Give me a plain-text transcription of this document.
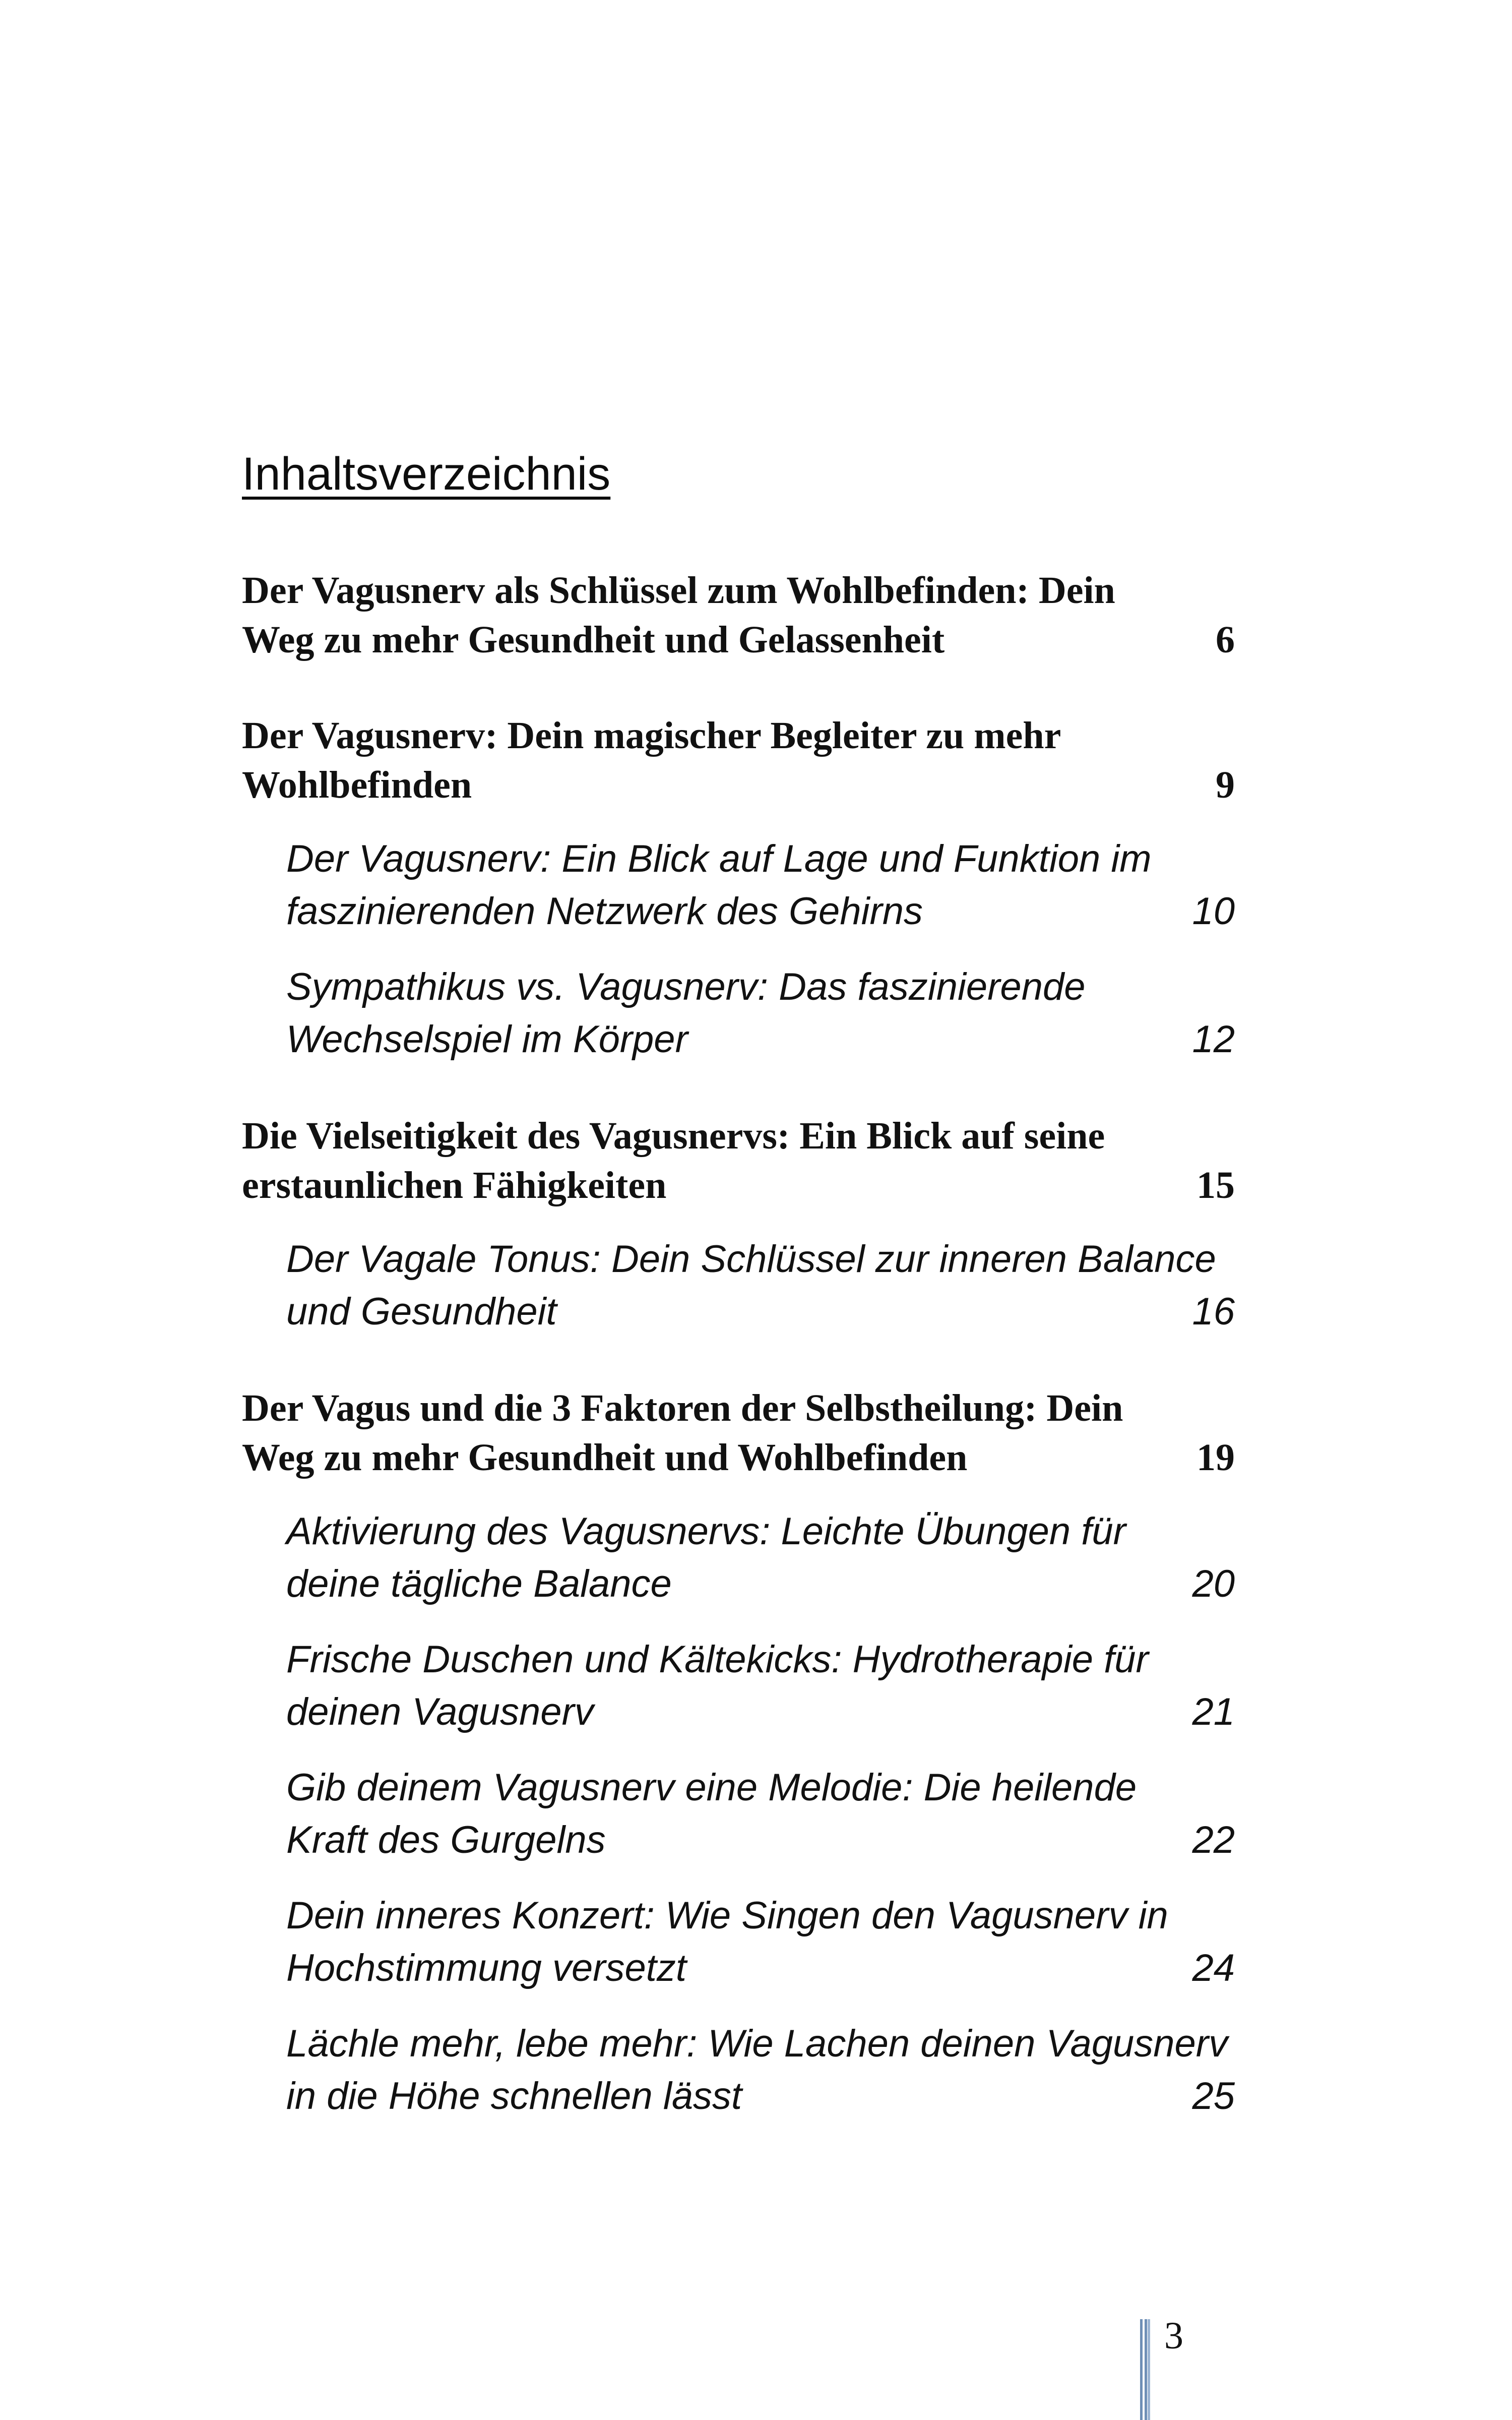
Inhaltsverzeichnis
Der Vagusnerv als Schlüssel zum Wohlbefinden: Dein
Weg zu mehr Gesundheit und Gelassenheit	6
Der Vagusnerv: Dein magischer Begleiter zu mehr
Wohlbefinden	9
Der Vagusnerv: Ein Blick auf Lage und Funktion im
faszinierenden Netzwerk des Gehirns	10
Sympathikus vs. Vagusnerv: Das faszinierende
Wechselspiel im Körper	12
Die Vielseitigkeit des Vagusnervs: Ein Blick auf seine
erstaunlichen Fähigkeiten	15
Der Vagale Tonus: Dein Schlüssel zur inneren Balance
und Gesundheit	16
Der Vagus und die 3 Faktoren der Selbstheilung: Dein
Weg zu mehr Gesundheit und Wohlbefinden	19
Aktivierung des Vagusnervs: Leichte Übungen für
deine tägliche Balance	20
Frische Duschen und Kältekicks: Hydrotherapie für
deinen Vagusnerv	21
Gib deinem Vagusnerv eine Melodie: Die heilende
Kraft des Gurgelns	22
Dein inneres Konzert: Wie Singen den Vagusnerv in
Hochstimmung versetzt	24
Lächle mehr, lebe mehr: Wie Lachen deinen Vagusnerv
in die Höhe schnellen lässt	25
3
